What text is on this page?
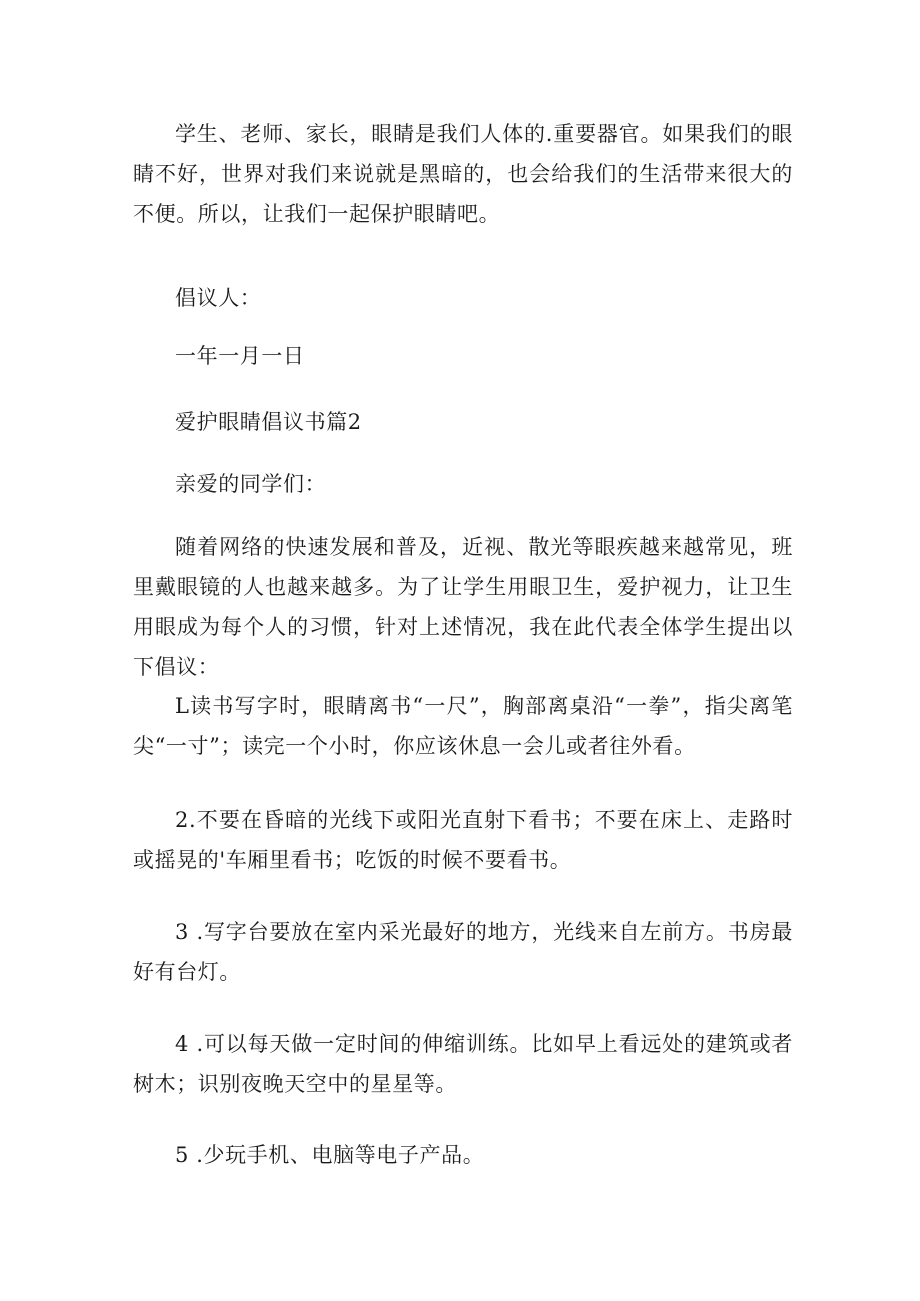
学生、老师、家长，眼睛是我们人体的.重要器官。如果我们的眼睛不好，世界对我们来说就是黑暗的，也会给我们的生活带来很大的不便。所以，让我们一起保护眼睛吧。

倡议人：

一年一月一日

爱护眼睛倡议书篇2

亲爱的同学们：

随着网络的快速发展和普及，近视、散光等眼疾越来越常见，班里戴眼镜的人也越来越多。为了让学生用眼卫生，爱护视力，让卫生用眼成为每个人的习惯，针对上述情况，我在此代表全体学生提出以下倡议：

L读书写字时，眼睛离书“一尺”，胸部离桌沿“一拳”，指尖离笔尖“一寸”；读完一个小时，你应该休息一会儿或者往外看。

2.不要在昏暗的光线下或阳光直射下看书；不要在床上、走路时或摇晃的'车厢里看书；吃饭的时候不要看书。

3 .写字台要放在室内采光最好的地方，光线来自左前方。书房最好有台灯。

4 .可以每天做一定时间的伸缩训练。比如早上看远处的建筑或者树木；识别夜晚天空中的星星等。

5 .少玩手机、电脑等电子产品。
